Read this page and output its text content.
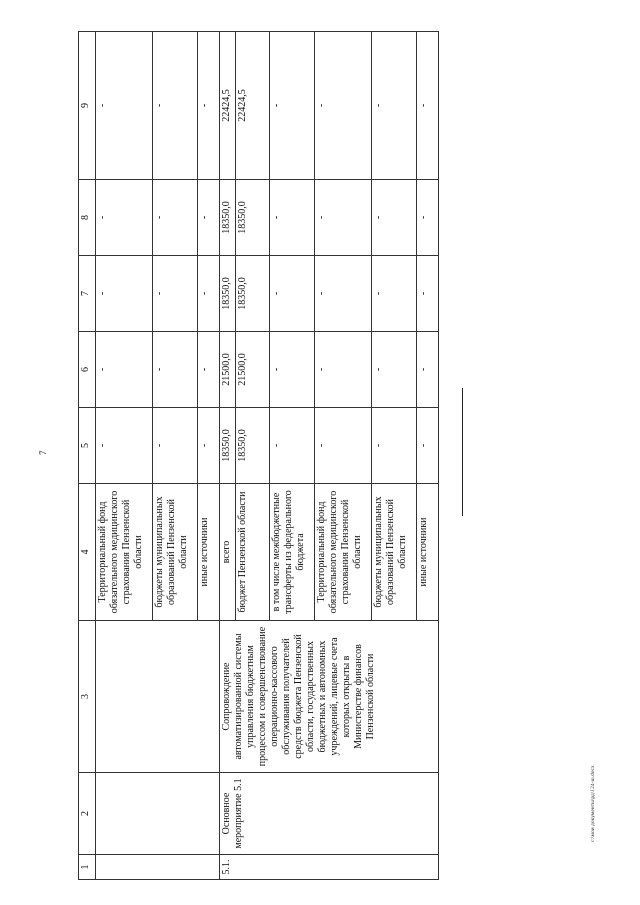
7
c:\мои документы\рд\124-ш.docx
1	2	3	4	5	6	7	8	9
			Территориальный фонд обязательного медицинского страхования Пензенской области	-	-	-	-	-
			бюджеты муниципальных образований Пензенской области	-	-	-	-	-
			иные источники	-	-	-	-	-
5.1.	Основное мероприятие 5.1	Сопровождение автоматизированной системы управления бюджетным процессом и совершенствование операционно-кассового обслуживания получателей средств бюджета Пензенской области, государственных бюджетных и автономных учреждений, лицевые счета которых открыты в Министерстве финансов Пензенской области	всего	18350,0	21500,0	18350,0	18350,0	22424,5
			бюджет Пензенской области	18350,0	21500,0	18350,0	18350,0	22424,5
			в том числе межбюджетные трансферты из федерального бюджета	-	-	-	-	-
			Территориальный фонд обязательного медицинского страхования Пензенской области	-	-	-	-	-
			бюджеты муниципальных образований Пензенской области	-	-	-	-	-
			иные источники	-	-	-	-	-
